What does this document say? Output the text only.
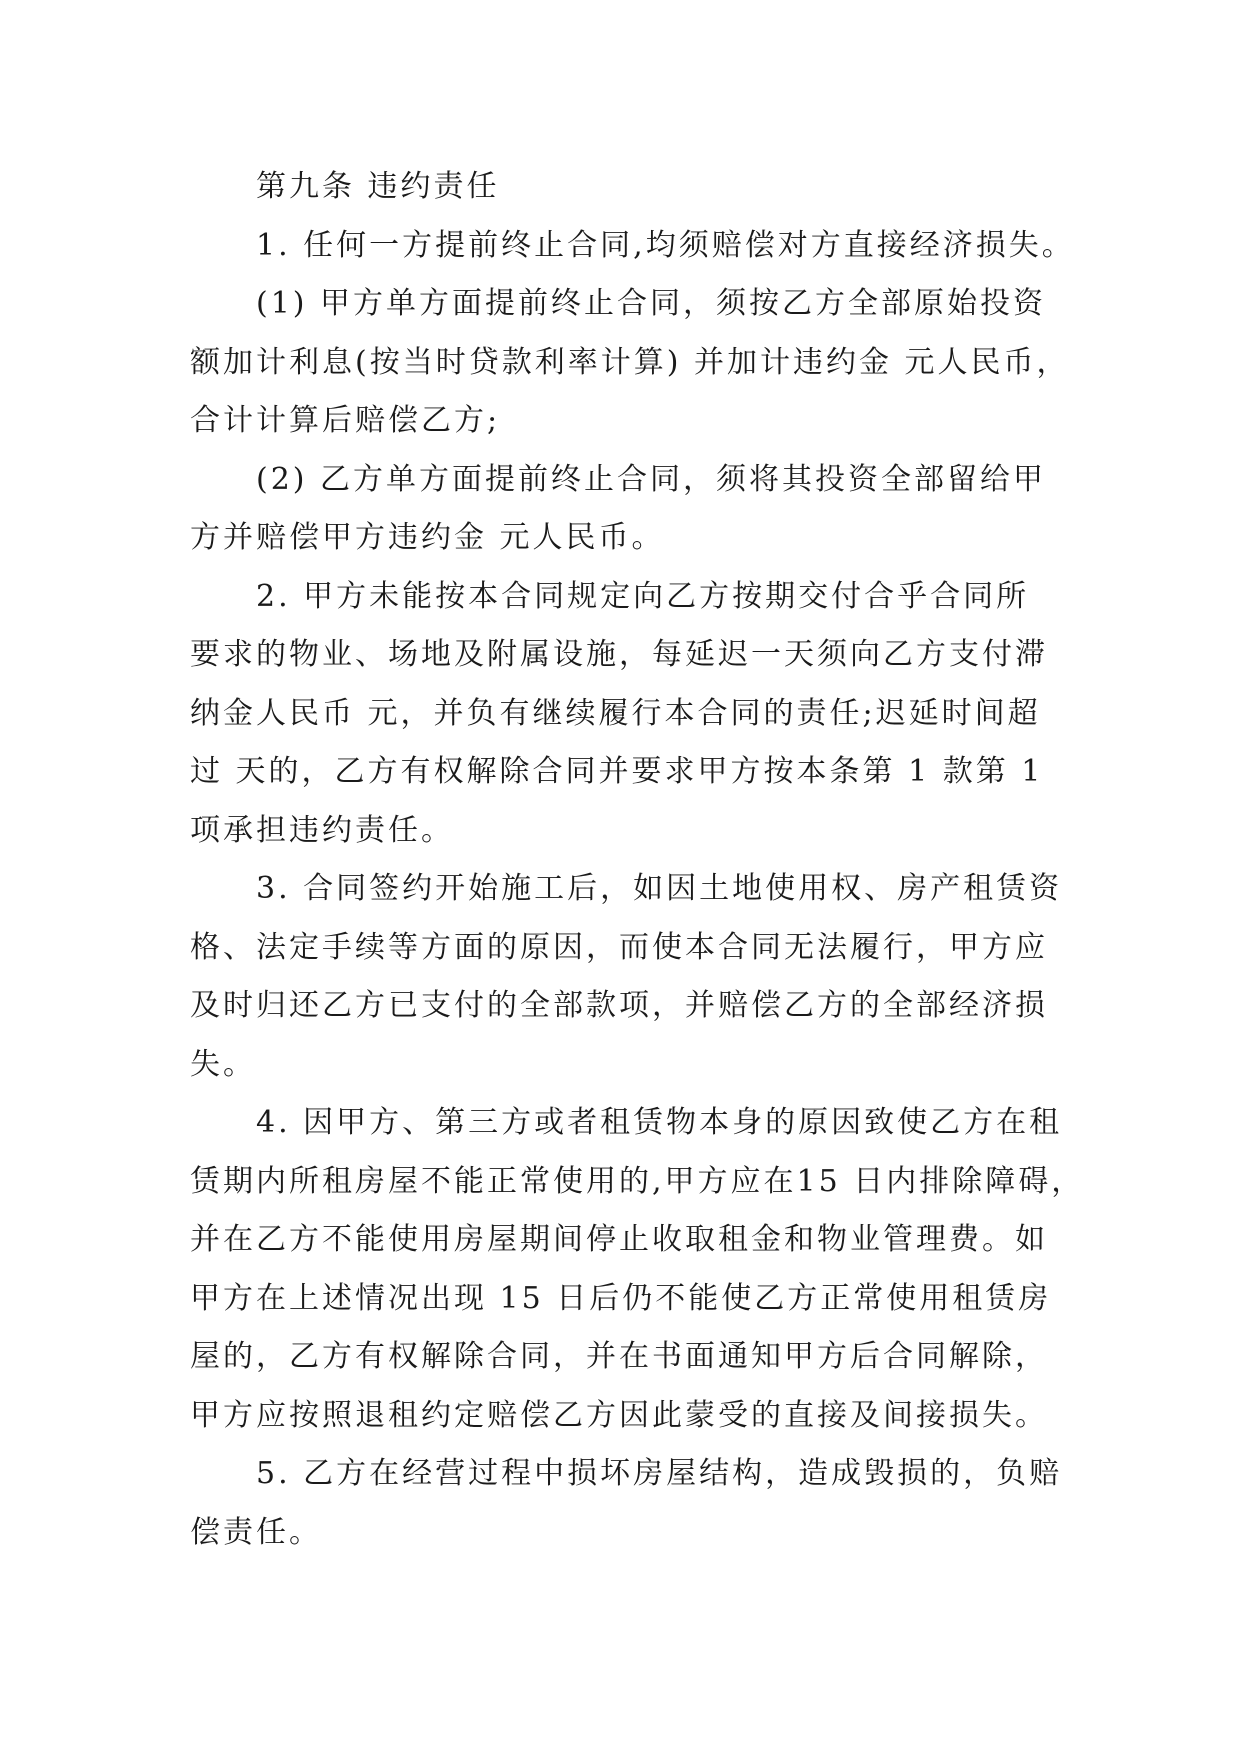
第九条 违约责任
1. 任何一方提前终止合同,均须赔偿对方直接经济损失。
(1) 甲方单方面提前终止合同，须按乙方全部原始投资
额加计利息(按当时贷款利率计算) 并加计违约金 元人民币，
合计计算后赔偿乙方;
(2) 乙方单方面提前终止合同，须将其投资全部留给甲
方并赔偿甲方违约金 元人民币。
2. 甲方未能按本合同规定向乙方按期交付合乎合同所
要求的物业、场地及附属设施，每延迟一天须向乙方支付滞
纳金人民币 元，并负有继续履行本合同的责任;迟延时间超
过 天的，乙方有权解除合同并要求甲方按本条第 1 款第 1
项承担违约责任。
3. 合同签约开始施工后，如因土地使用权、房产租赁资
格、法定手续等方面的原因，而使本合同无法履行，甲方应
及时归还乙方已支付的全部款项，并赔偿乙方的全部经济损
失。
4. 因甲方、第三方或者租赁物本身的原因致使乙方在租
赁期内所租房屋不能正常使用的,甲方应在15 日内排除障碍，
并在乙方不能使用房屋期间停止收取租金和物业管理费。如
甲方在上述情况出现 15 日后仍不能使乙方正常使用租赁房
屋的，乙方有权解除合同，并在书面通知甲方后合同解除，
甲方应按照退租约定赔偿乙方因此蒙受的直接及间接损失。
5. 乙方在经营过程中损坏房屋结构，造成毁损的，负赔
偿责任。
